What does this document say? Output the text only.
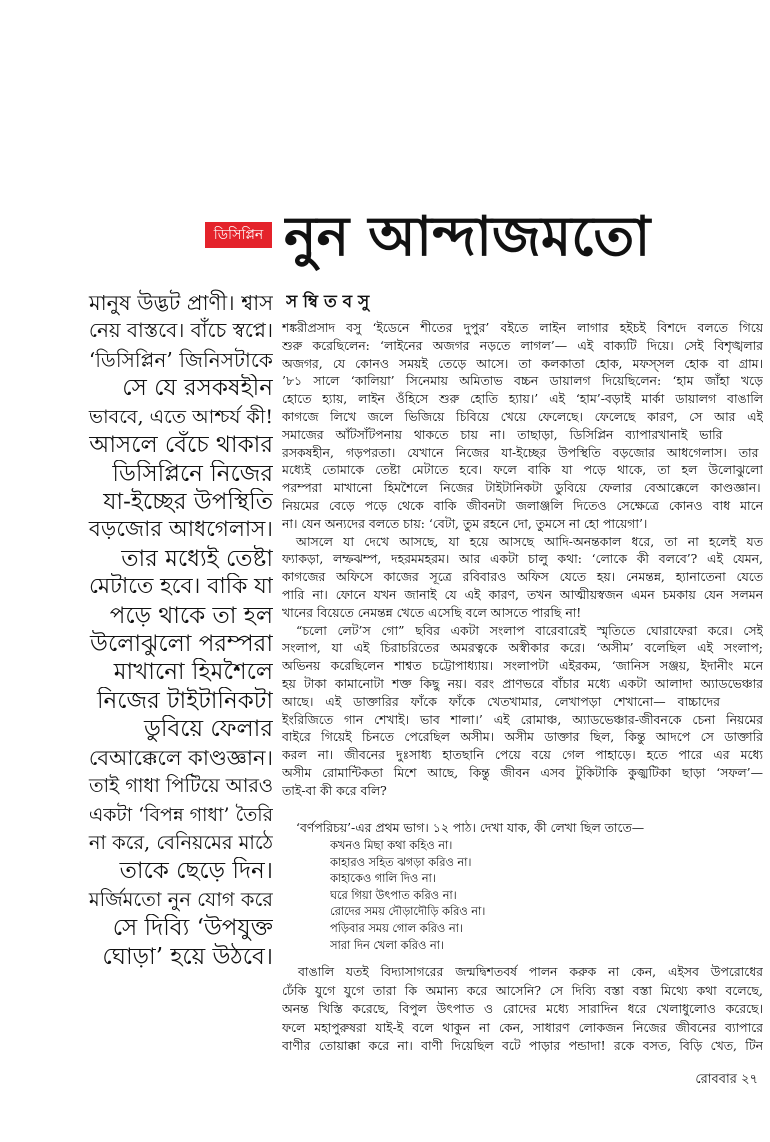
ডিসিপ্লিন নুন আন্দাজমতো
স ম্বি ত ব সু
মানুষ উদ্ভট প্রাণী। শ্বাস
নেয় বাস্তবে। বাঁচে স্বপ্নে।
‘ডিসিপ্লিন’ জিনিসটাকে
সে যে রসকষহীন
ভাববে, এতে আশ্চর্য কী!
আসলে বেঁচে থাকার
ডিসিপ্লিনে নিজের
যা-ইচ্ছের উপস্থিতি
বড়জোর আধগেলাস।
তার মধ্যেই তেষ্টা
মেটাতে হবে। বাকি যা
পড়ে থাকে তা হল
উলোঝুলো পরম্পরা
মাখানো হিমশৈলে
নিজের টাইটানিকটা
ডুবিয়ে ফেলার
বেআক্কেলে কাণ্ডজ্ঞান।
তাই গাধা পিটিয়ে আরও
একটা ‘বিপন্ন গাধা’ তৈরি
না করে, বেনিয়মের মাঠে
তাকে ছেড়ে দিন।
মর্জিমতো নুন যোগ করে
সে দিব্যি ‘উপযুক্ত
ঘোড়া’ হয়ে উঠবে।
শঙ্করীপ্রসাদ বসু ‘ইডেনে শীতের দুপুর’ বইতে লাইন লাগার হইচই বিশদে বলতে গিয়ে
শুরু করেছিলেন: ‘লাইনের অজগর নড়তে লাগল’— এই বাক্যটি দিয়ে। সেই বিশৃঙ্খলার
অজগর, যে কোনও সময়ই তেড়ে আসে। তা কলকাতা হোক, মফস্সল হোক বা গ্রাম।
’৮১ সালে ‘কালিয়া’ সিনেমায় অমিতাভ বচ্চন ডায়ালগ দিয়েছিলেন: ‘হাম জাঁহা খড়ে
হোতে হ্যায়, লাইন ওঁহিসে শুরু হোতি হ্যায়।’ এই ‘হাম’-বড়াই মার্কা ডায়ালগ বাঙালি
কাগজে লিখে জলে ভিজিয়ে চিবিয়ে খেয়ে ফেলেছে। ফেলেছে কারণ, সে আর এই
সমাজের আঁটসাঁটপনায় থাকতে চায় না। তাছাড়া, ডিসিপ্লিন ব্যাপারখানাই ভারি
রসকষহীন, গড়পরতা। যেখানে নিজের যা-ইচ্ছের উপস্থিতি বড়জোর আধগেলাস। তার
মধ্যেই তোমাকে তেষ্টা মেটাতে হবে। ফলে বাকি যা পড়ে থাকে, তা হল উলোঝুলো
পরম্পরা মাখানো হিমশৈলে নিজের টাইটানিকটা ডুবিয়ে ফেলার বেআক্কেলে কাণ্ডজ্ঞান।
নিয়মের বেড়ে পড়ে থেকে বাকি জীবনটা জলাঞ্জলি দিতেও সেক্ষেত্রে কোনও বাধ মানে
না। যেন অন্যদের বলতে চায়: ‘বেটা, তুম রহনে দো, তুমসে না হো পায়েগা’।
আসলে যা দেখে আসছে, যা হয়ে আসছে আদি-অনন্তকাল ধরে, তা না হলেই যত
ফ্যাকড়া, লম্ফঝম্প, দহরমমহরম। আর একটা চালু কথা: ‘লোকে কী বলবে’? এই যেমন,
কাগজের অফিসে কাজের সূত্রে রবিবারও অফিস যেতে হয়। নেমন্তন্ন, হ্যানাতেনা যেতে
পারি না। ফোনে যখন জানাই যে এই কারণ, তখন আত্মীয়স্বজন এমন চমকায় যেন সলমন
খানের বিয়েতে নেমন্তন্ন খেতে এসেছি বলে আসতে পারছি না!
“চলো লেট’স গো” ছবির একটা সংলাপ বারেবারেই স্মৃতিতে ঘোরাফেরা করে। সেই
সংলাপ, যা এই চিরাচরিতের অমরত্বকে অস্বীকার করে। ‘অসীম’ বলেছিল এই সংলাপ;
অভিনয় করেছিলেন শাশ্বত চট্টোপাধ্যায়। সংলাপটা এইরকম, ‘জানিস সঞ্জয়, ইদানীং মনে
হয় টাকা কামানোটা শক্ত কিছু নয়। বরং প্রাণভরে বাঁচার মধ্যে একটা আলাদা অ্যাডভেঞ্চার
আছে। এই ডাক্তারির ফাঁকে ফাঁকে খেতখামার, লেখাপড়া শেখানো— বাচ্চাদের
ইংরিজিতে গান শেখাই। ভাব শালা।’ এই রোমাঞ্চ, অ্যাডভেঞ্চার-জীবনকে চেনা নিয়মের
বাইরে গিয়েই চিনতে পেরেছিল অসীম। অসীম ডাক্তার ছিল, কিন্তু আদপে সে ডাক্তারি
করল না। জীবনের দুঃসাধ্য হাতছানি পেয়ে বয়ে গেল পাহাড়ে। হতে পারে এর মধ্যে
অসীম রোমান্টিকতা মিশে আছে, কিন্তু জীবন এসব টুকিটাকি কুজ্ঝটিকা ছাড়া ‘সফল’—
তাই-বা কী করে বলি?
‘বর্ণপরিচয়’-এর প্রথম ভাগ। ১২ পাঠ। দেখা যাক, কী লেখা ছিল তাতে—
কখনও মিছা কথা কহিও না।
কাহারও সহিত ঝগড়া করিও না।
কাহাকেও গালি দিও না।
ঘরে গিয়া উৎপাত করিও না।
রোদের সময় দৌড়াদৌড়ি করিও না।
পড়িবার সময় গোল করিও না।
সারা দিন খেলা করিও না।
বাঙালি যতই বিদ্যাসাগরের জন্মদ্বিশতবর্ষ পালন করুক না কেন, এইসব উপরোধের
ঢেঁকি যুগে যুগে তারা কি অমান্য করে আসেনি? সে দিব্যি বস্তা বস্তা মিথ্যে কথা বলেছে,
অনন্ত খিস্তি করেছে, বিপুল উৎপাত ও রোদের মধ্যে সারাদিন ধরে খেলাধুলোও করেছে।
ফলে মহাপুরুষরা যাই-ই বলে থাকুন না কেন, সাধারণ লোকজন নিজের জীবনের ব্যাপারে
বাণীর তোয়াক্কা করে না। বাণী দিয়েছিল বটে পাড়ার পন্ডাদা! রকে বসত, বিড়ি খেত, টিন
রোববার ২৭
